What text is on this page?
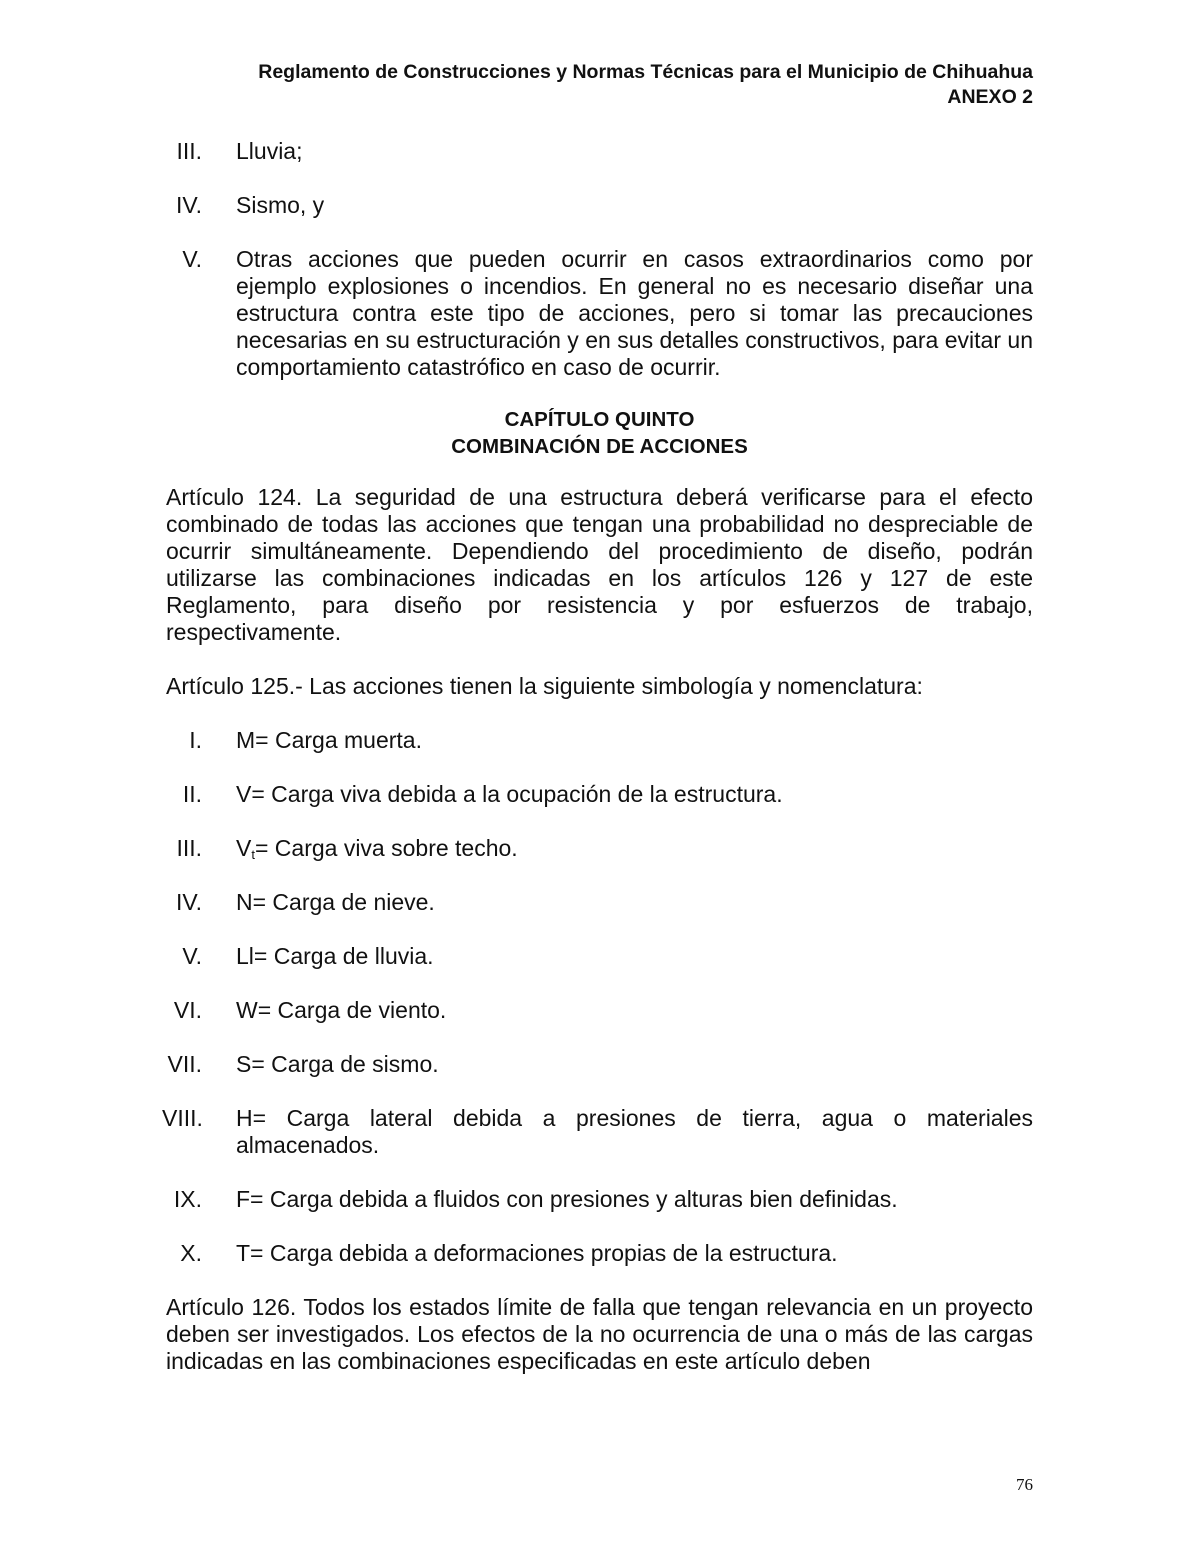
Reglamento de Construcciones y Normas Técnicas para el Municipio de Chihuahua
ANEXO 2
III. Lluvia;
IV. Sismo, y
V. Otras acciones que pueden ocurrir en casos extraordinarios como por ejemplo explosiones o incendios. En general no es necesario diseñar una estructura contra este tipo de acciones, pero si tomar las precauciones necesarias en su estructuración y en sus detalles constructivos, para evitar un comportamiento catastrófico en caso de ocurrir.
CAPÍTULO QUINTO
COMBINACIÓN DE ACCIONES
Artículo 124. La seguridad de una estructura deberá verificarse para el efecto combinado de todas las acciones que tengan una probabilidad no despreciable de ocurrir simultáneamente. Dependiendo del procedimiento de diseño, podrán utilizarse las combinaciones indicadas en los artículos 126 y 127 de este Reglamento, para diseño por resistencia y por esfuerzos de trabajo, respectivamente.
Artículo 125.- Las acciones tienen la siguiente simbología y nomenclatura:
I. M= Carga muerta.
II. V= Carga viva debida a la ocupación de la estructura.
III. $V_t=$ Carga viva sobre techo.
IV. N= Carga de nieve.
V. Ll= Carga de lluvia.
VI. W= Carga de viento.
VII. S= Carga de sismo.
VIII. H= Carga lateral debida a presiones de tierra, agua o materiales almacenados.
IX. F= Carga debida a fluidos con presiones y alturas bien definidas.
X. T= Carga debida a deformaciones propias de la estructura.
Artículo 126. Todos los estados límite de falla que tengan relevancia en un proyecto deben ser investigados. Los efectos de la no ocurrencia de una o más de las cargas indicadas en las combinaciones especificadas en este artículo deben
76
